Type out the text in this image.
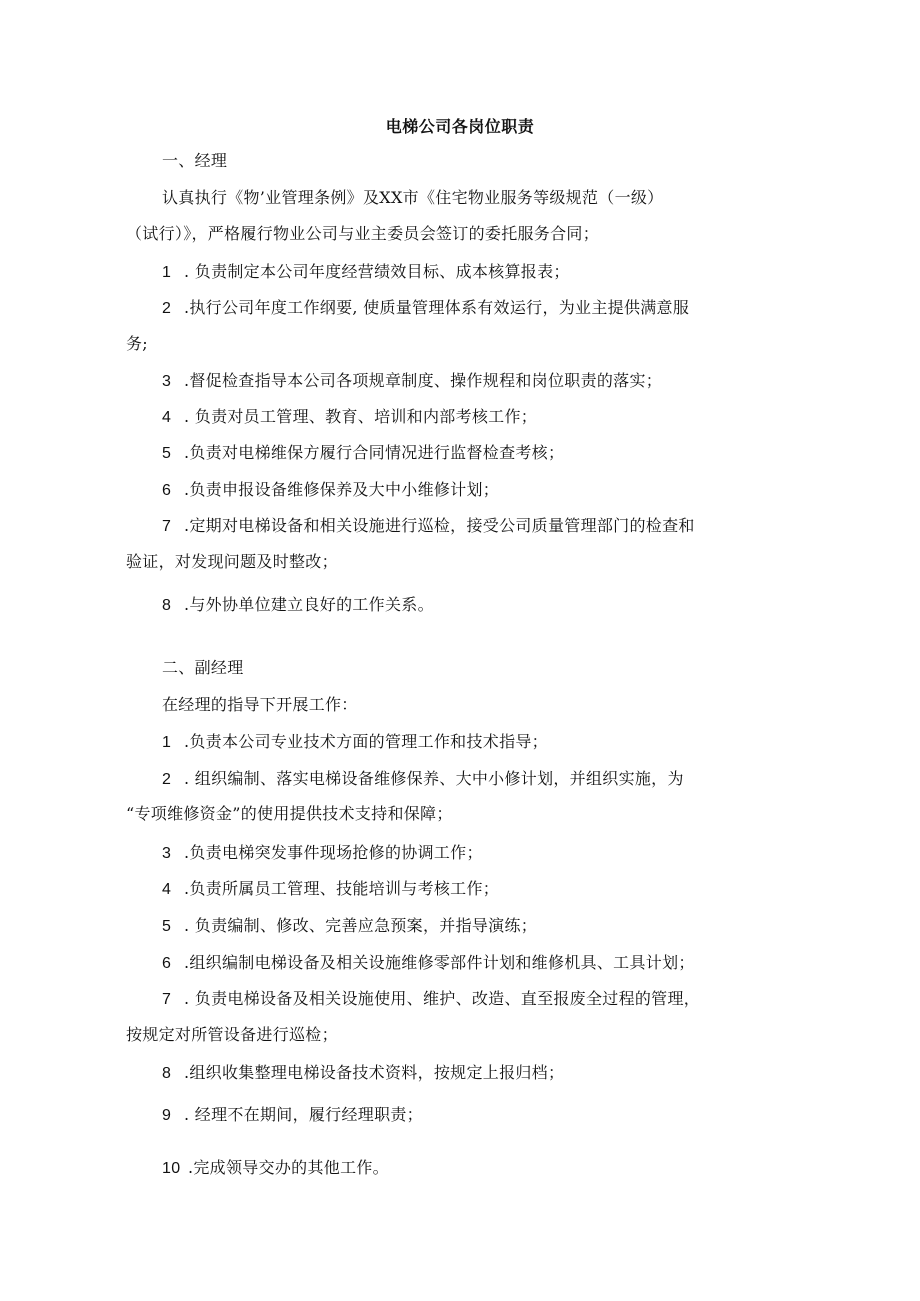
电梯公司各岗位职责
一、经理
认真执行《物’业管理条例》及XX市《住宅物业服务等级规范（一级）
（试行）》，严格履行物业公司与业主委员会签订的委托服务合同；
1 . 负责制定本公司年度经营绩效目标、成本核算报表；
2 .执行公司年度工作纲要, 使质量管理体系有效运行，为业主提供满意服
务;
3 .督促检查指导本公司各项规章制度、操作规程和岗位职责的落实；
4 . 负责对员工管理、教育、培训和内部考核工作；
5 .负责对电梯维保方履行合同情况进行监督检查考核；
6 .负责申报设备维修保养及大中小维修计划；
7 .定期对电梯设备和相关设施进行巡检，接受公司质量管理部门的检查和
验证，对发现问题及时整改；
8 .与外协单位建立良好的工作关系。
二、副经理
在经理的指导下开展工作：
1 .负责本公司专业技术方面的管理工作和技术指导；
2 . 组织编制、落实电梯设备维修保养、大中小修计划，并组织实施，为
“专项维修资金”的使用提供技术支持和保障；
3 .负责电梯突发事件现场抢修的协调工作；
4 .负责所属员工管理、技能培训与考核工作；
5 . 负责编制、修改、完善应急预案，并指导演练；
6 .组织编制电梯设备及相关设施维修零部件计划和维修机具、工具计划；
7 . 负责电梯设备及相关设施使用、维护、改造、直至报废全过程的管理，
按规定对所管设备进行巡检；
8 .组织收集整理电梯设备技术资料，按规定上报归档；
9 . 经理不在期间，履行经理职责；
10 .完成领导交办的其他工作。
